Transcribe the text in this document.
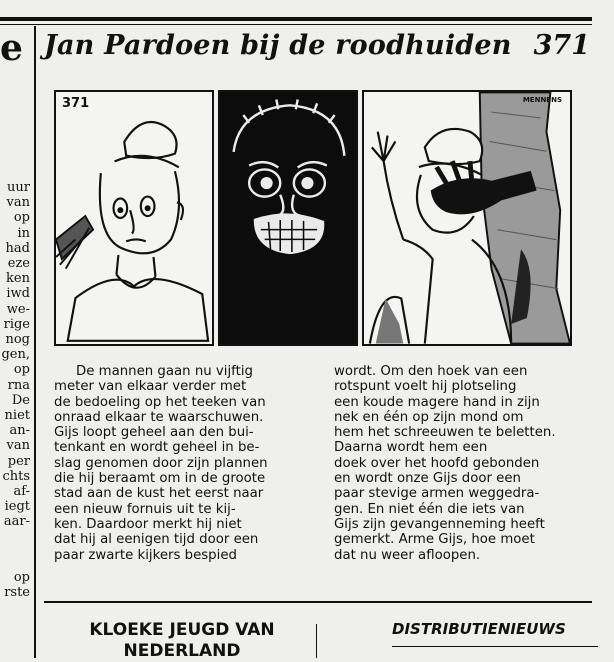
e
uur
van
op
in
had
eze
ken
iwd
we-
rige
nog
gen,
op
rna
De
niet
an-
van
per
chts
af-
iegt
aar-
op
rste
Jan Pardoen bij de roodhuiden 371
371	MENNENS
De mannen gaan nu vijftig
meter van elkaar verder met
de bedoeling op het teeken van
onraad elkaar te waarschuwen.
Gijs loopt geheel aan den bui-
tenkant en wordt geheel in be-
slag genomen door zijn plannen
die hij beraamt om in de groote
stad aan de kust het eerst naar
een nieuw fornuis uit te kij-
ken. Daardoor merkt hij niet
dat hij al eenigen tijd door een
paar zwarte kijkers bespied
wordt. Om den hoek van een
rotspunt voelt hij plotseling
een koude magere hand in zijn
nek en één op zijn mond om
hem het schreeuwen te beletten.
Daarna wordt hem een
doek over het hoofd gebonden
en wordt onze Gijs door een
paar stevige armen weggedra-
gen. En niet één die iets van
Gijs zijn gevangenneming heeft
gemerkt. Arme Gijs, hoe moet
dat nu weer afloopen.
KLOEKE JEUGD VAN NEDERLAND
DISTRIBUTIENIEUWS
